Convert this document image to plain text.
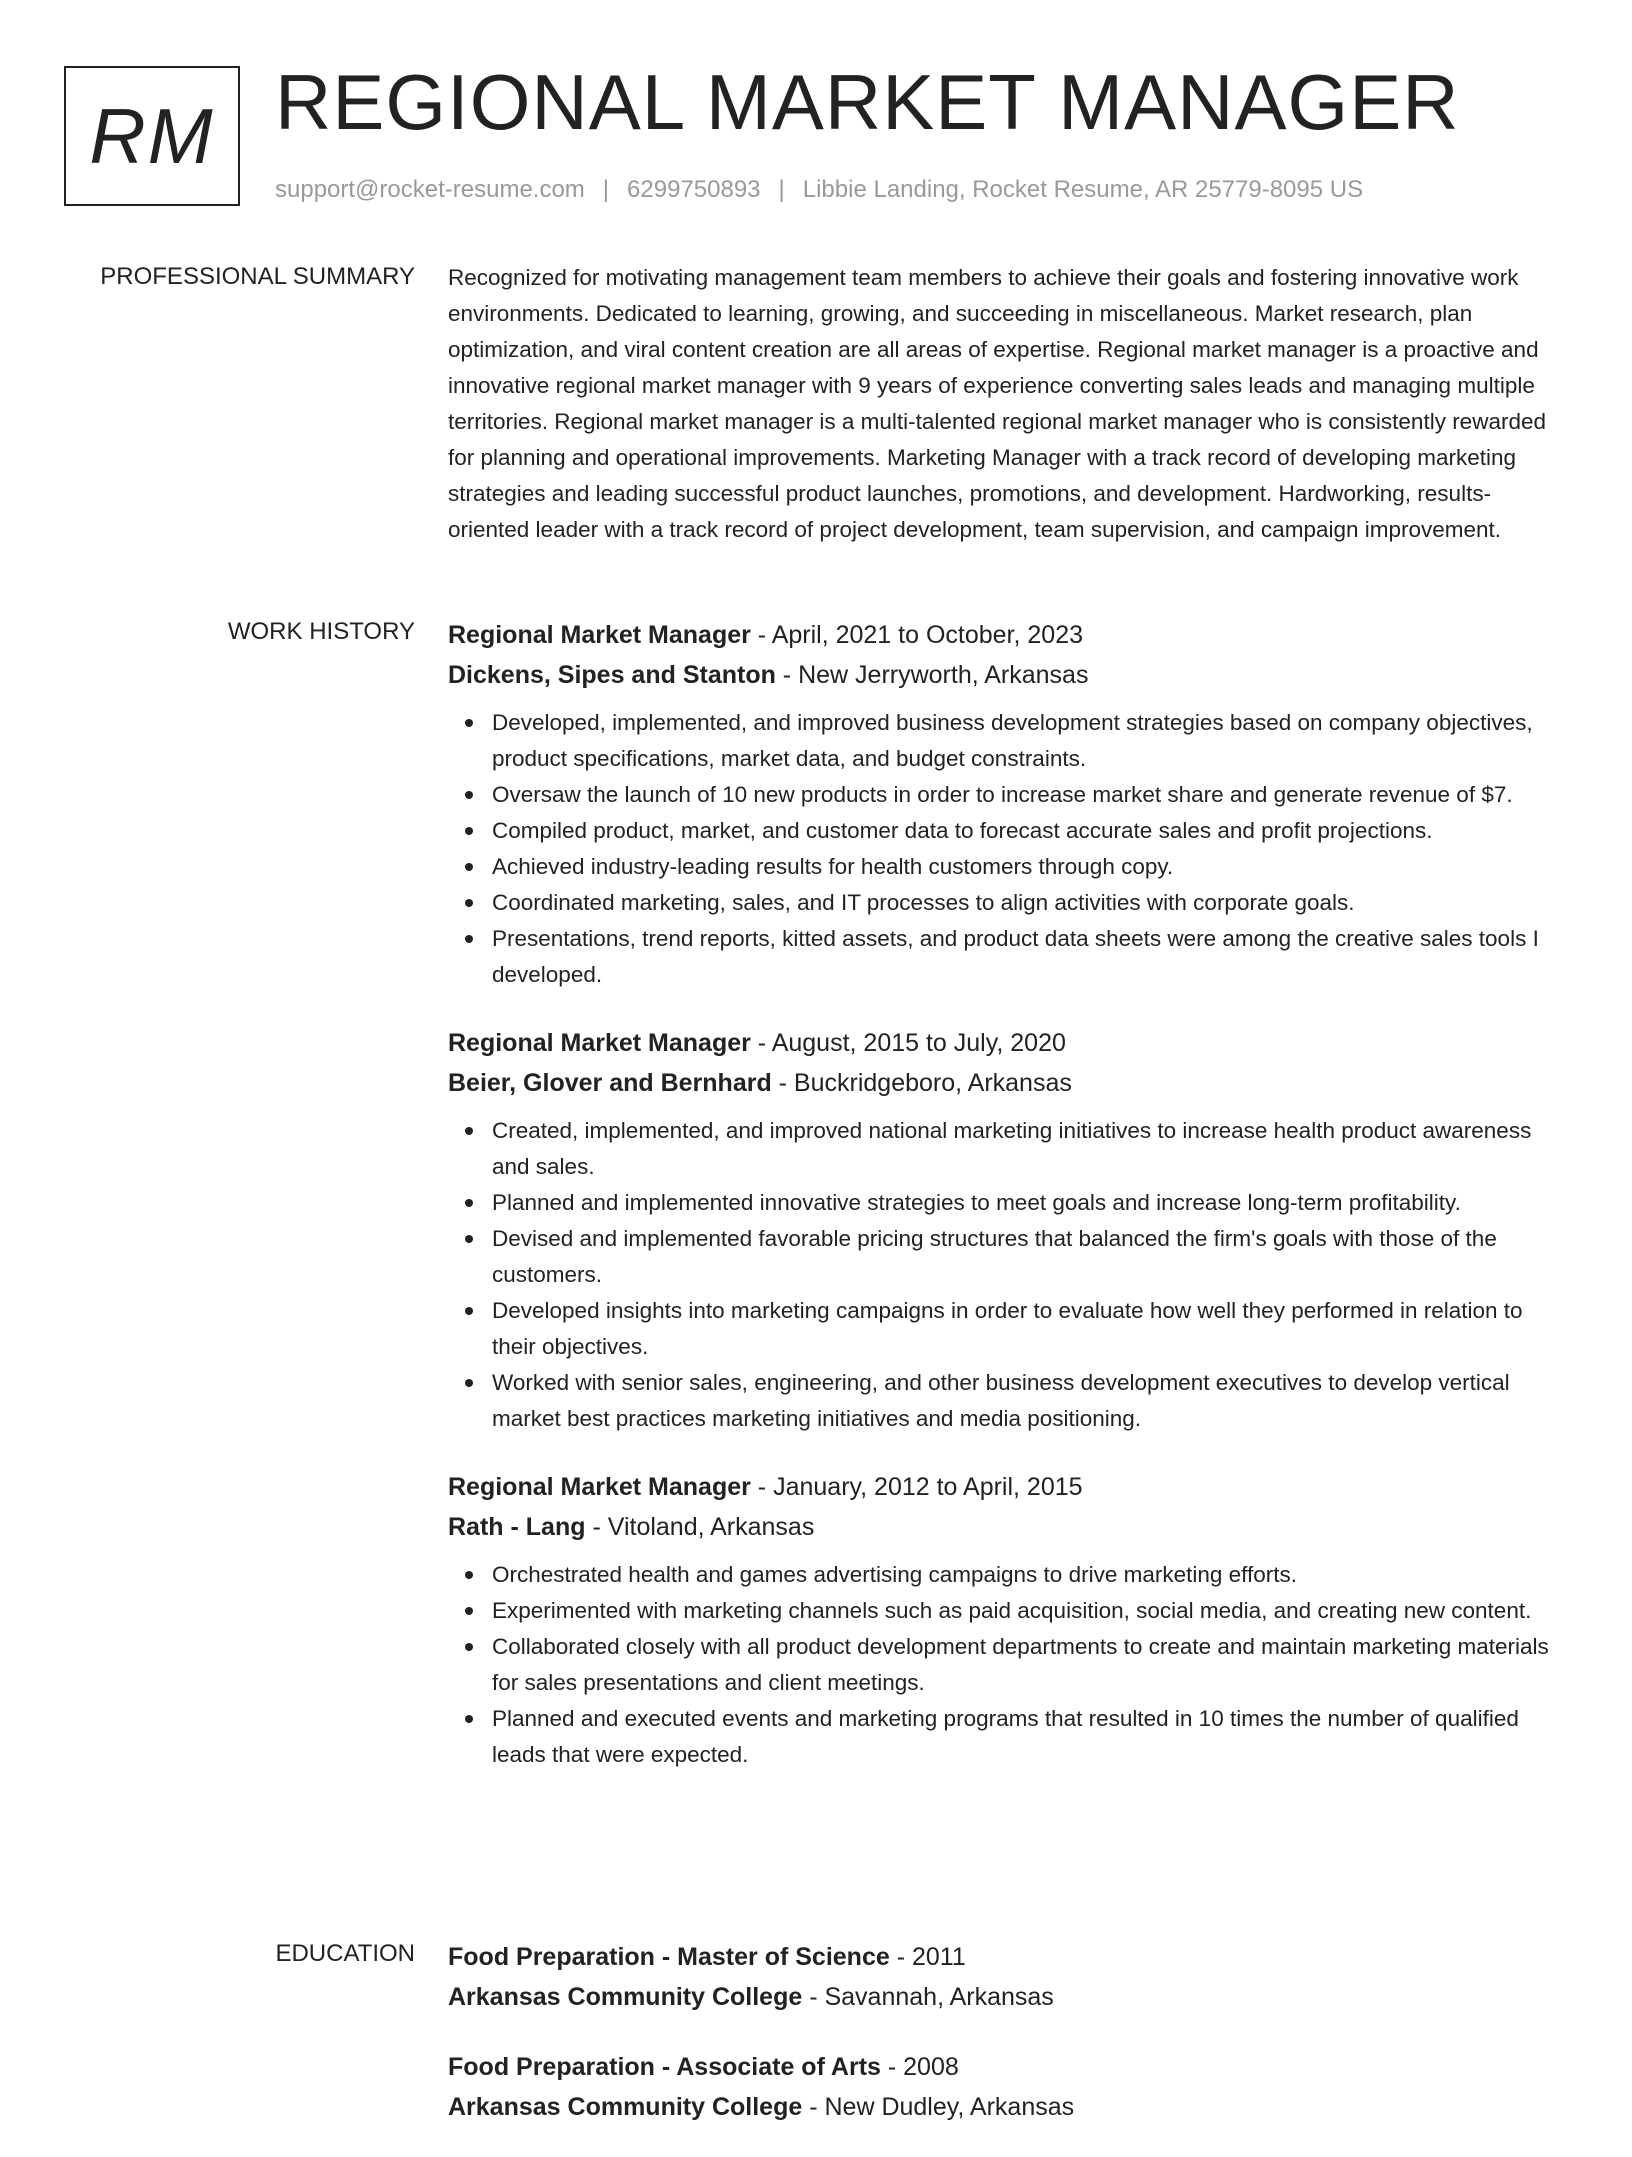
RM REGIONAL MARKET MANAGER
support@rocket-resume.com | 6299750893 | Libbie Landing, Rocket Resume, AR 25779-8095 US
PROFESSIONAL SUMMARY Recognized for motivating management team members to achieve their goals and fostering innovative work environments. Dedicated to learning, growing, and succeeding in miscellaneous. Market research, plan optimization, and viral content creation are all areas of expertise. Regional market manager is a proactive and innovative regional market manager with 9 years of experience converting sales leads and managing multiple territories. Regional market manager is a multi-talented regional market manager who is consistently rewarded for planning and operational improvements. Marketing Manager with a track record of developing marketing strategies and leading successful product launches, promotions, and development. Hardworking, results-oriented leader with a track record of project development, team supervision, and campaign improvement.

WORK HISTORY Regional Market Manager - April, 2021 to October, 2023
Dickens, Sipes and Stanton - New Jerryworth, Arkansas
Developed, implemented, and improved business development strategies based on company objectives, product specifications, market data, and budget constraints.
Oversaw the launch of 10 new products in order to increase market share and generate revenue of $7.
Compiled product, market, and customer data to forecast accurate sales and profit projections.
Achieved industry-leading results for health customers through copy.
Coordinated marketing, sales, and IT processes to align activities with corporate goals.
Presentations, trend reports, kitted assets, and product data sheets were among the creative sales tools I developed.
Regional Market Manager - August, 2015 to July, 2020
Beier, Glover and Bernhard - Buckridgeboro, Arkansas
Created, implemented, and improved national marketing initiatives to increase health product awareness and sales.
Planned and implemented innovative strategies to meet goals and increase long-term profitability.
Devised and implemented favorable pricing structures that balanced the firm's goals with those of the customers.
Developed insights into marketing campaigns in order to evaluate how well they performed in relation to their objectives.
Worked with senior sales, engineering, and other business development executives to develop vertical market best practices marketing initiatives and media positioning.
Regional Market Manager - January, 2012 to April, 2015
Rath - Lang - Vitoland, Arkansas
Orchestrated health and games advertising campaigns to drive marketing efforts.
Experimented with marketing channels such as paid acquisition, social media, and creating new content.
Collaborated closely with all product development departments to create and maintain marketing materials for sales presentations and client meetings.
Planned and executed events and marketing programs that resulted in 10 times the number of qualified leads that were expected.
EDUCATION Food Preparation - Master of Science - 2011
Arkansas Community College - Savannah, Arkansas
Food Preparation - Associate of Arts - 2008
Arkansas Community College - New Dudley, Arkansas
